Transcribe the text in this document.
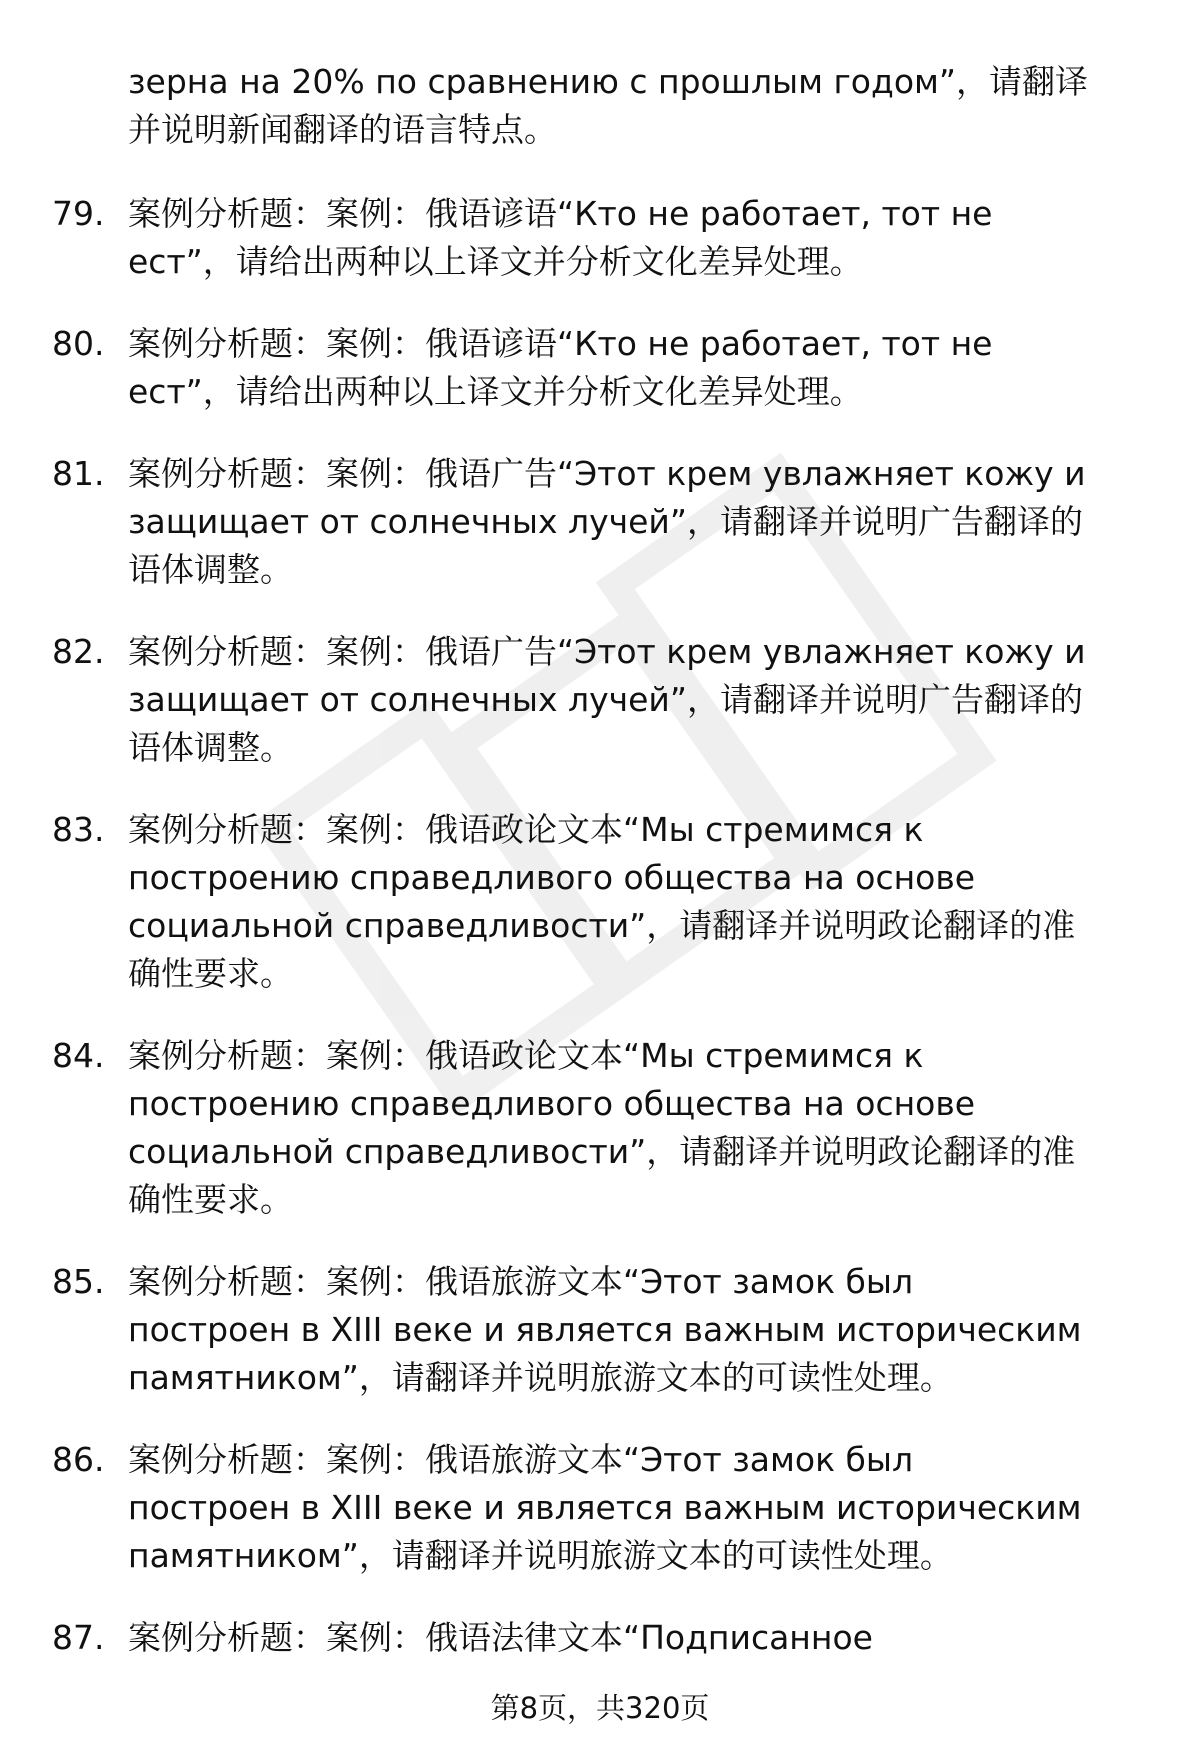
зерна на 20% по сравнению с прошлым годом”，请翻译
并说明新闻翻译的语言特点。
79. 案例分析题：案例：俄语谚语“Кто не работает, тот не
ест”，请给出两种以上译文并分析文化差异处理。
80. 案例分析题：案例：俄语谚语“Кто не работает, тот не
ест”，请给出两种以上译文并分析文化差异处理。
81. 案例分析题：案例：俄语广告“Этот крем увлажняет кожу и
защищает от солнечных лучей”，请翻译并说明广告翻译的
语体调整。
82. 案例分析题：案例：俄语广告“Этот крем увлажняет кожу и
защищает от солнечных лучей”，请翻译并说明广告翻译的
语体调整。
83. 案例分析题：案例：俄语政论文本“Мы стремимся к
построению справедливого общества на основе
социальной справедливости”，请翻译并说明政论翻译的准
确性要求。
84. 案例分析题：案例：俄语政论文本“Мы стремимся к
построению справедливого общества на основе
социальной справедливости”，请翻译并说明政论翻译的准
确性要求。
85. 案例分析题：案例：俄语旅游文本“Этот замок был
построен в XIII веке и является важным историческим
памятником”，请翻译并说明旅游文本的可读性处理。
86. 案例分析题：案例：俄语旅游文本“Этот замок был
построен в XIII веке и является важным историческим
памятником”，请翻译并说明旅游文本的可读性处理。
87. 案例分析题：案例：俄语法律文本“Подписанное
第8页，共320页
